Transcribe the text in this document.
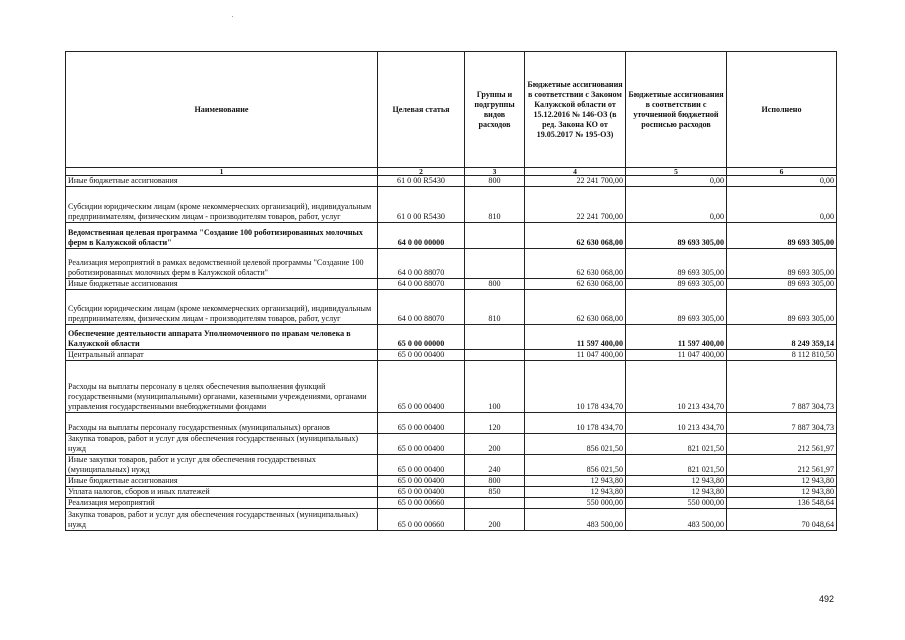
Наименование	Целевая статья	Группы и подгруппы видов расходов	Бюджетные ассигнования в соответствии с Законом Калужской области от 15.12.2016 № 146-ОЗ (в ред. Закона КО от 19.05.2017 № 195-ОЗ)	Бюджетные ассигнования в соответствии с уточненной бюджетной росписью расходов	Исполнено
1	2	3	4	5	6
Иные бюджетные ассигнования	61 0 00 R5430	800	22 241 700,00	0,00	0,00
Субсидии юридическим лицам (кроме некоммерческих организаций), индивидуальным предпринимателям, физическим лицам - производителям товаров, работ, услуг	61 0 00 R5430	810	22 241 700,00	0,00	0,00
Ведомственная целевая программа "Создание 100 роботизированных молочных ферм в Калужской области"	64 0 00 00000		62 630 068,00	89 693 305,00	89 693 305,00
Реализация мероприятий в рамках ведомственной целевой программы "Создание 100 роботизированных молочных ферм в Калужской области"	64 0 00 88070		62 630 068,00	89 693 305,00	89 693 305,00
Иные бюджетные ассигнования	64 0 00 88070	800	62 630 068,00	89 693 305,00	89 693 305,00
Субсидии юридическим лицам (кроме некоммерческих организаций), индивидуальным предпринимателям, физическим лицам - производителям товаров, работ, услуг	64 0 00 88070	810	62 630 068,00	89 693 305,00	89 693 305,00
Обеспечение деятельности аппарата Уполномоченного по правам человека в Калужской области	65 0 00 00000		11 597 400,00	11 597 400,00	8 249 359,14
Центральный аппарат	65 0 00 00400		11 047 400,00	11 047 400,00	8 112 810,50
Расходы на выплаты персоналу в целях обеспечения выполнения функций государственными (муниципальными) органами, казенными учреждениями, органами управления государственными внебюджетными фондами	65 0 00 00400	100	10 178 434,70	10 213 434,70	7 887 304,73
Расходы на выплаты персоналу государственных (муниципальных) органов	65 0 00 00400	120	10 178 434,70	10 213 434,70	7 887 304,73
Закупка товаров, работ и услуг для обеспечения государственных (муниципальных) нужд	65 0 00 00400	200	856 021,50	821 021,50	212 561,97
Иные закупки товаров, работ и услуг для обеспечения государственных (муниципальных) нужд	65 0 00 00400	240	856 021,50	821 021,50	212 561,97
Иные бюджетные ассигнования	65 0 00 00400	800	12 943,80	12 943,80	12 943,80
Уплата налогов, сборов и иных платежей	65 0 00 00400	850	12 943,80	12 943,80	12 943,80
Реализация мероприятий	65 0 00 00660		550 000,00	550 000,00	136 548,64
Закупка товаров, работ и услуг для обеспечения государственных (муниципальных) нужд	65 0 00 00660	200	483 500,00	483 500,00	70 048,64
492
